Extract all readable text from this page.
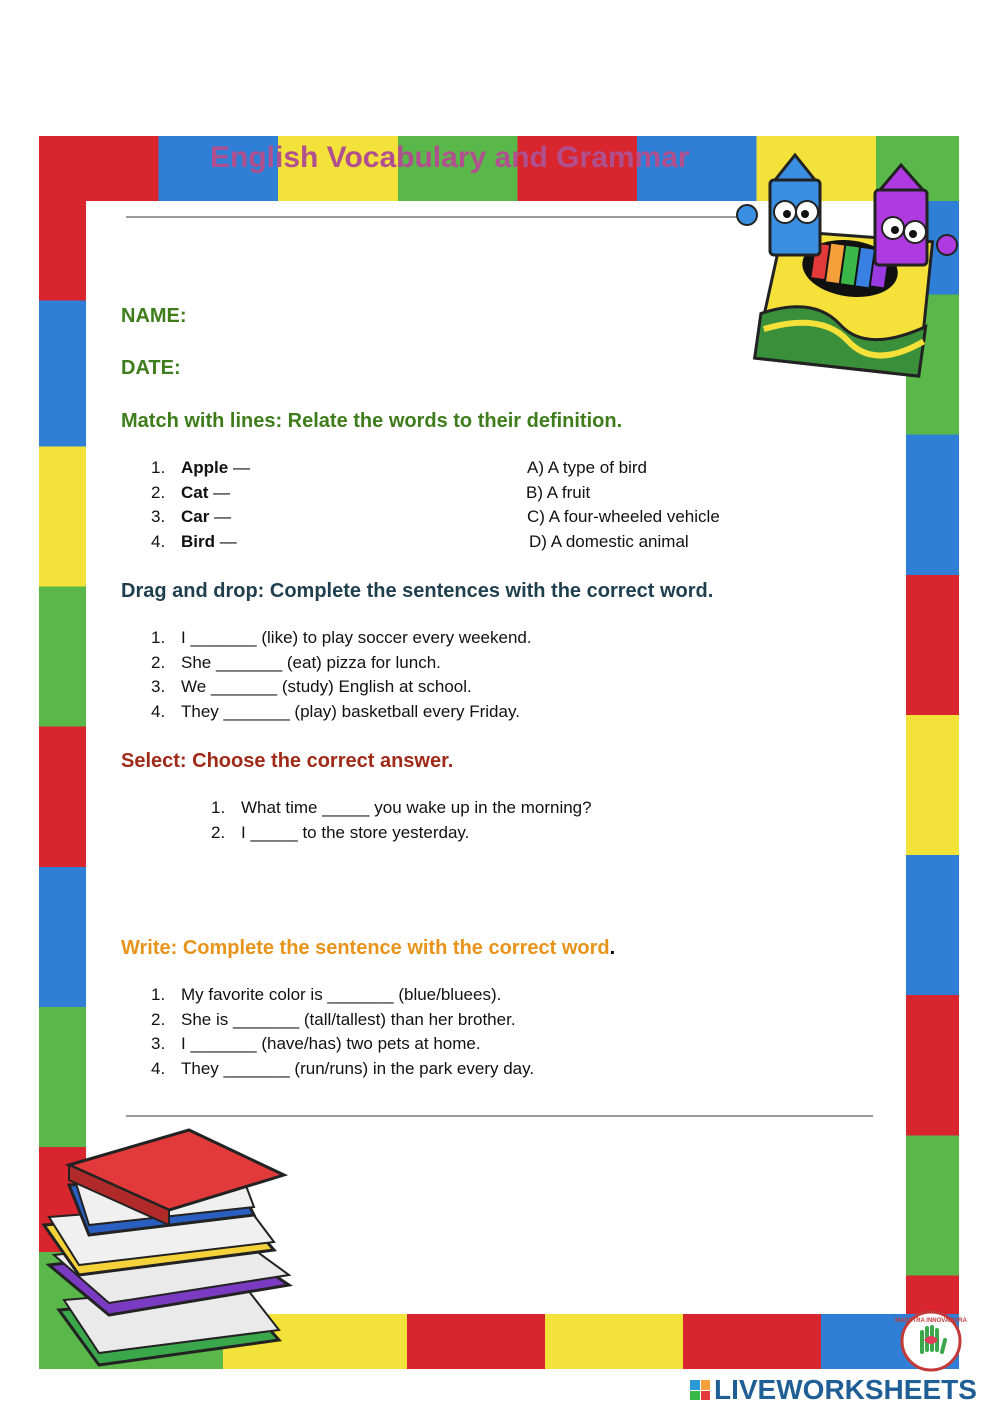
English Vocabulary and Grammar

NAME:

DATE:

Match with lines: Relate the words to their definition.
1. Apple —
2. Cat —
3. Car —
4. Bird —
A) A type of bird
B) A fruit
C) A four-wheeled vehicle
D) A domestic animal
Drag and drop: Complete the sentences with the correct word.
1. I _______ (like) to play soccer every weekend.
2. She _______ (eat) pizza for lunch.
3. We _______ (study) English at school.
4. They _______ (play) basketball every Friday.
Select: Choose the correct answer.
1. What time _____ you wake up in the morning?
2. I _____ to the store yesterday.
Write: Complete the sentence with the correct word.
1. My favorite color is _______ (blue/bluees).
2. She is _______ (tall/tallest) than her brother.
3. I _______ (have/has) two pets at home.
4. They _______ (run/runs) in the park every day.
MAESTRA INNOVADORA
LIVEWORKSHEETS
